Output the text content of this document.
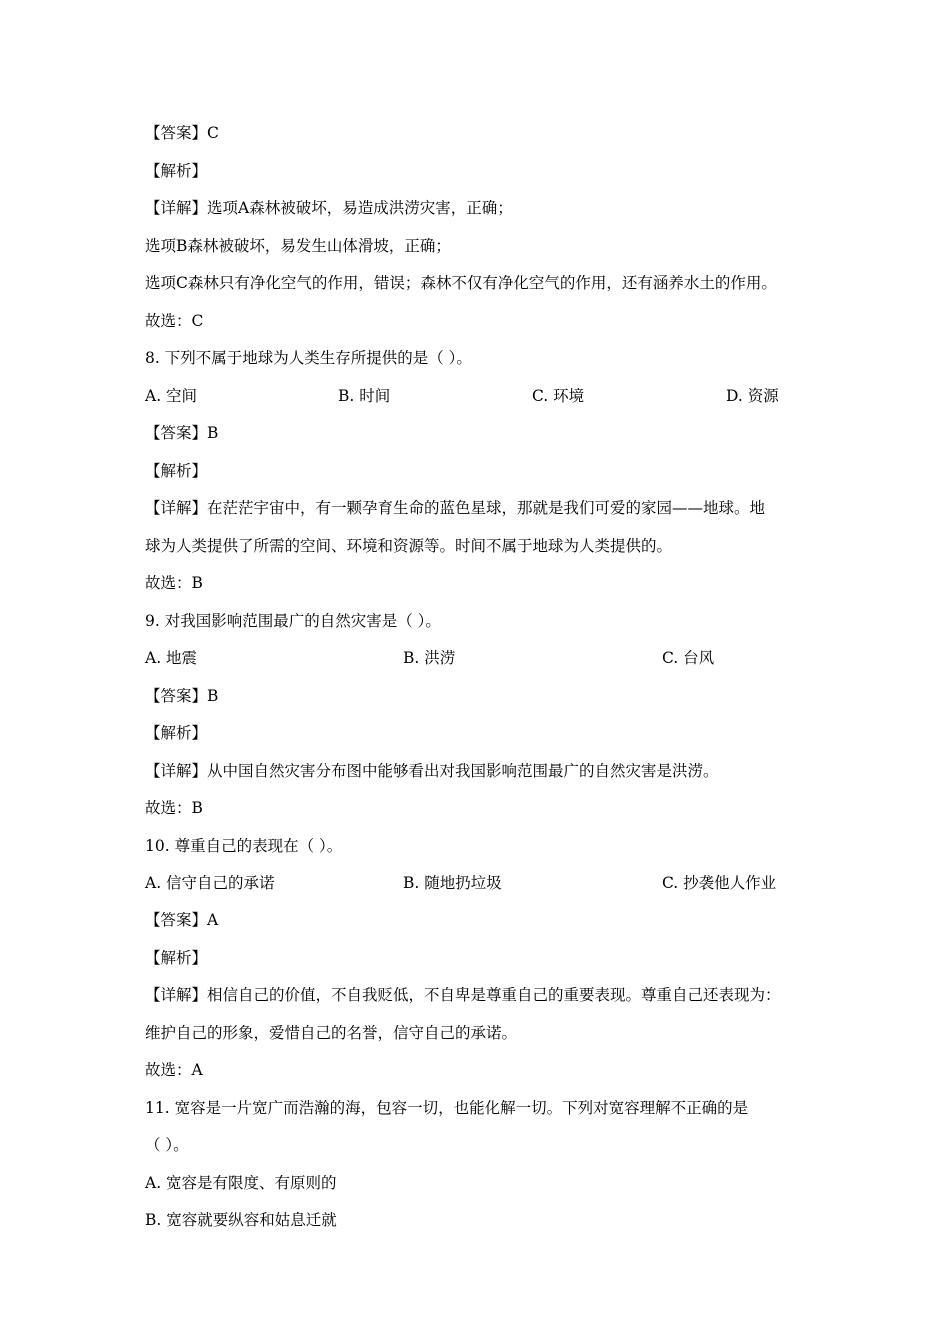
【答案】C
【解析】
【详解】选项A森林被破坏，易造成洪涝灾害，正确；
选项B森林被破坏，易发生山体滑坡，正确；
选项C森林只有净化空气的作用，错误；森林不仅有净化空气的作用，还有涵养水土的作用。
故选：C
8. 下列不属于地球为人类生存所提供的是（ ）。
A. 空间	B. 时间	C. 环境	D. 资源
【答案】B
【解析】
【详解】在茫茫宇宙中，有一颗孕育生命的蓝色星球，那就是我们可爱的家园——地球。地
球为人类提供了所需的空间、环境和资源等。时间不属于地球为人类提供的。
故选：B
9. 对我国影响范围最广的自然灾害是（ ）。
A. 地震	B. 洪涝	C. 台风
【答案】B
【解析】
【详解】从中国自然灾害分布图中能够看出对我国影响范围最广的自然灾害是洪涝。
故选：B
10. 尊重自己的表现在（ ）。
A. 信守自己的承诺	B. 随地扔垃圾	C. 抄袭他人作业
【答案】A
【解析】
【详解】相信自己的价值，不自我贬低，不自卑是尊重自己的重要表现。尊重自己还表现为：
维护自己的形象，爱惜自己的名誉，信守自己的承诺。
故选：A
11. 宽容是一片宽广而浩瀚的海，包容一切，也能化解一切。下列对宽容理解不正确的是
（ ）。
A. 宽容是有限度、有原则的
B. 宽容就要纵容和姑息迁就
